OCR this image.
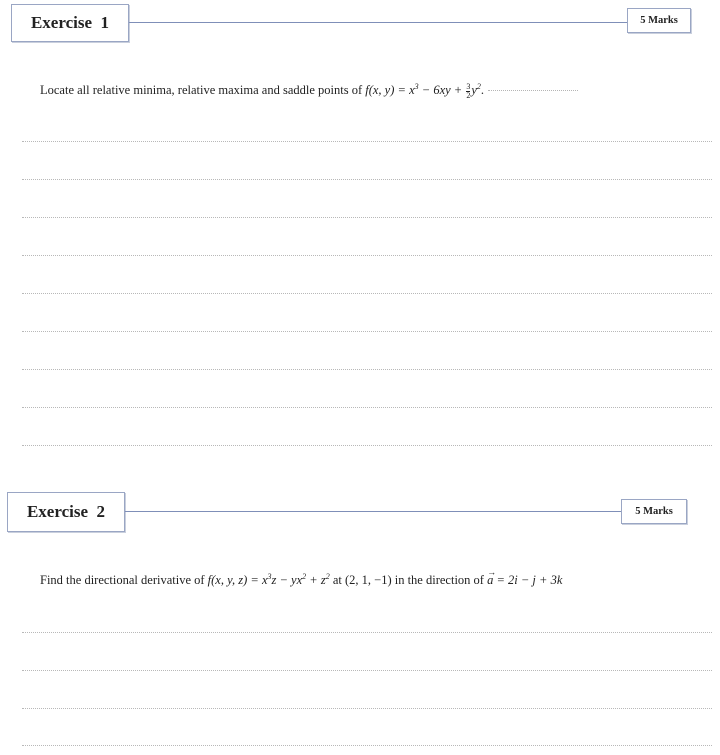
Exercise  1	5 Marks
Locate all relative minima, relative maxima and saddle points of f(x, $y) = x^3 - 6xy + \frac{3}{2} y^2$.
Exercise  2	5 Marks
Find the directional derivative of f(x, y, $z) = x^3z - yx^2 + z^2$ at (2, 1, −1) in the direction of
→
a = 2i − j + 3k
